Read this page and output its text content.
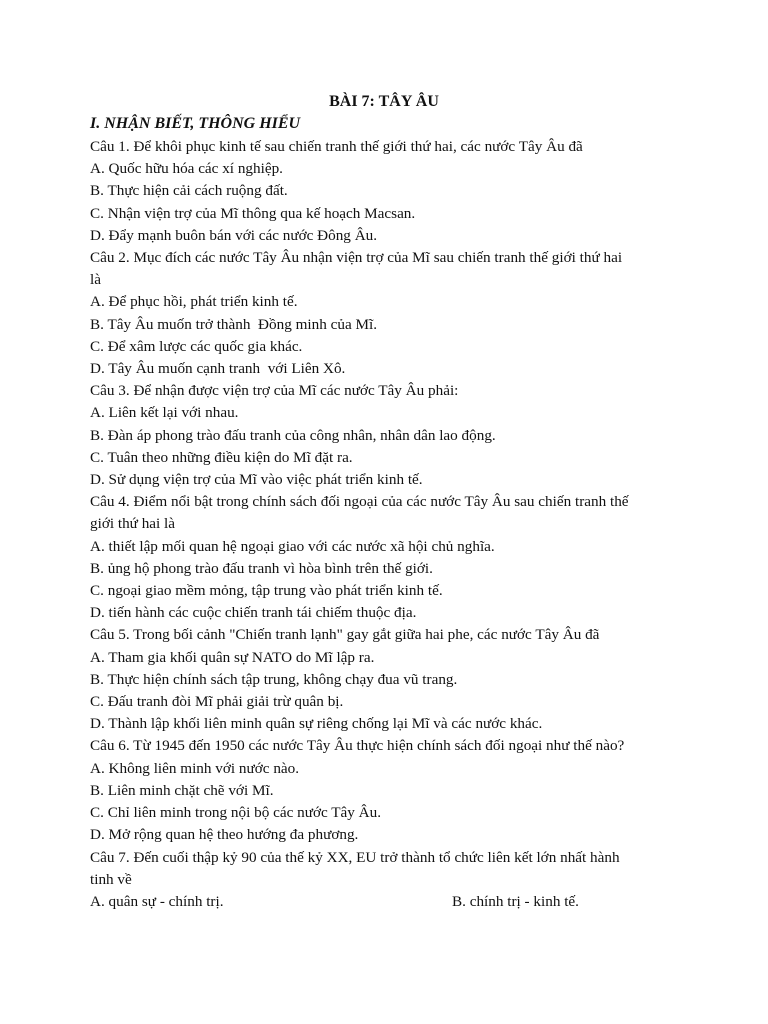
BÀI 7: TÂY ÂU
I. NHẬN BIẾT, THÔNG HIỂU
Câu 1. Để khôi phục kinh tế sau chiến tranh thế giới thứ hai, các nước Tây Âu đã
A. Quốc hữu hóa các xí nghiệp.
B. Thực hiện cải cách ruộng đất.
C. Nhận viện trợ của Mĩ thông qua kế hoạch Macsan.
D. Đẩy mạnh buôn bán với các nước Đông Âu.
Câu 2. Mục đích các nước Tây Âu nhận viện trợ của Mĩ sau chiến tranh thế giới thứ hai
là
A. Để phục hồi, phát triển kinh tế.
B. Tây Âu muốn trở thành  Đồng minh của Mĩ.
C. Để xâm lược các quốc gia khác.
D. Tây Âu muốn cạnh tranh  với Liên Xô.
Câu 3. Để nhận được viện trợ của Mĩ các nước Tây Âu phải:
A. Liên kết lại với nhau.
B. Đàn áp phong trào đấu tranh của công nhân, nhân dân lao động.
C. Tuân theo những điều kiện do Mĩ đặt ra.
D. Sử dụng viện trợ của Mĩ vào việc phát triển kinh tế.
Câu 4. Điểm nổi bật trong chính sách đối ngoại của các nước Tây Âu sau chiến tranh thế
giới thứ hai là
A. thiết lập mối quan hệ ngoại giao với các nước xã hội chủ nghĩa.
B. ủng hộ phong trào đấu tranh vì hòa bình trên thế giới.
C. ngoại giao mềm mỏng, tập trung vào phát triển kinh tế.
D. tiến hành các cuộc chiến tranh tái chiếm thuộc địa.
Câu 5. Trong bối cảnh "Chiến tranh lạnh" gay gắt giữa hai phe, các nước Tây Âu đã
A. Tham gia khối quân sự NATO do Mĩ lập ra.
B. Thực hiện chính sách tập trung, không chạy đua vũ trang.
C. Đấu tranh đòi Mĩ phải giải trừ quân bị.
D. Thành lập khối liên minh quân sự riêng chống lại Mĩ và các nước khác.
Câu 6. Từ 1945 đến 1950 các nước Tây Âu thực hiện chính sách đối ngoại như thế nào?
A. Không liên minh với nước nào.
B. Liên minh chặt chẽ với Mĩ.
C. Chỉ liên minh trong nội bộ các nước Tây Âu.
D. Mở rộng quan hệ theo hướng đa phương.
Câu 7. Đến cuối thập kỷ 90 của thế kỷ XX, EU trở thành tổ chức liên kết lớn nhất hành
tinh về
A. quân sự - chính trị.	B. chính trị - kinh tế.
